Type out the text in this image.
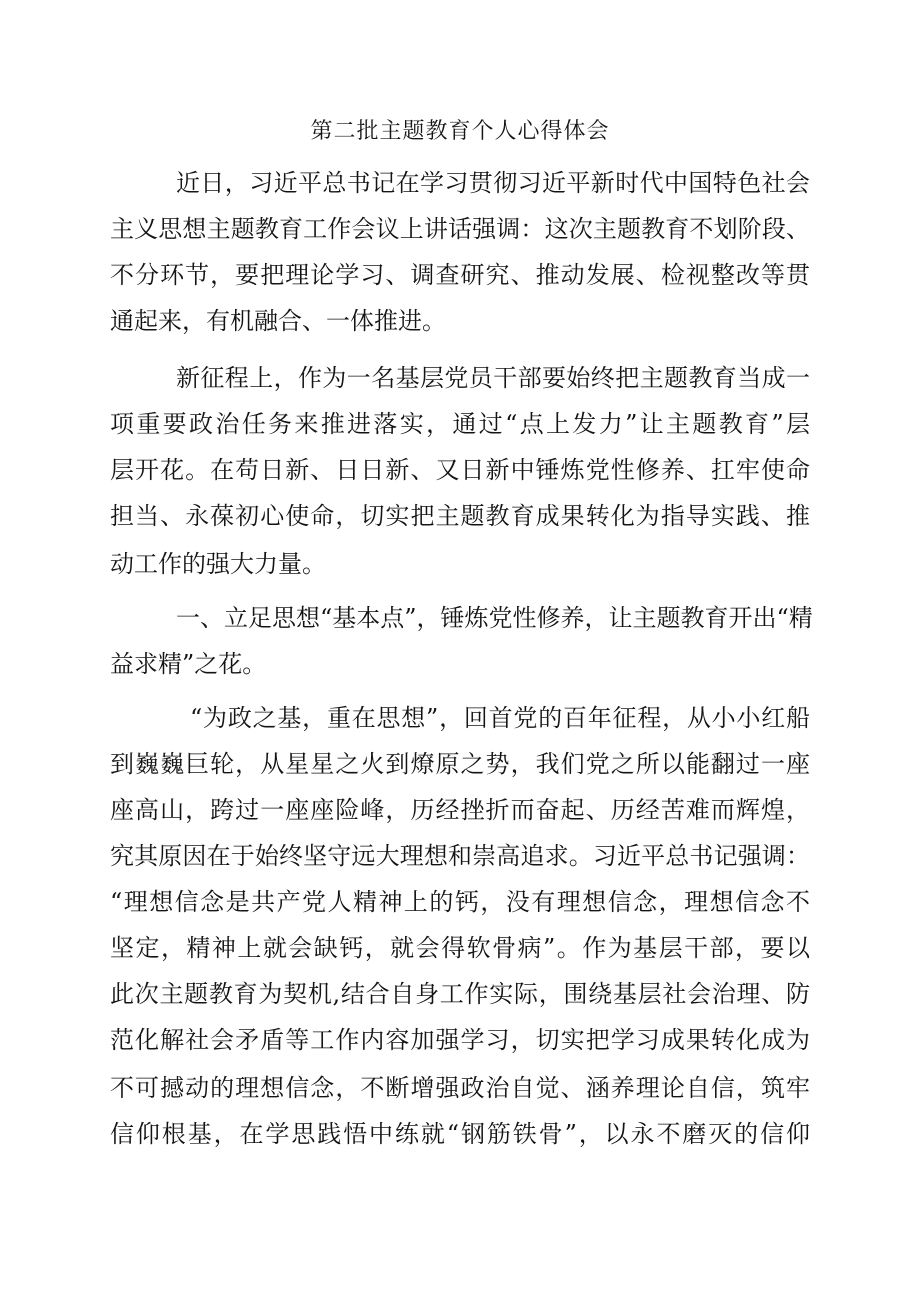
第二批主题教育个人心得体会
近日，习近平总书记在学习贯彻习近平新时代中国特色社会
主义思想主题教育工作会议上讲话强调：这次主题教育不划阶段、
不分环节，要把理论学习、调查研究、推动发展、检视整改等贯
通起来，有机融合、一体推进。
新征程上，作为一名基层党员干部要始终把主题教育当成一
项重要政治任务来推进落实，通过“点上发力”让主题教育”层
层开花。在苟日新、日日新、又日新中锤炼党性修养、扛牢使命
担当、永葆初心使命，切实把主题教育成果转化为指导实践、推
动工作的强大力量。
一、立足思想“基本点”，锤炼党性修养，让主题教育开出“精
益求精”之花。
“为政之基，重在思想”，回首党的百年征程，从小小红船
到巍巍巨轮，从星星之火到燎原之势，我们党之所以能翻过一座
座高山，跨过一座座险峰，历经挫折而奋起、历经苦难而辉煌，
究其原因在于始终坚守远大理想和崇高追求。习近平总书记强调：
“理想信念是共产党人精神上的钙，没有理想信念，理想信念不
坚定，精神上就会缺钙，就会得软骨病”。作为基层干部，要以
此次主题教育为契机,结合自身工作实际，围绕基层社会治理、防
范化解社会矛盾等工作内容加强学习，切实把学习成果转化成为
不可撼动的理想信念，不断增强政治自觉、涵养理论自信，筑牢
信仰根基，在学思践悟中练就“钢筋铁骨”，以永不磨灭的信仰
